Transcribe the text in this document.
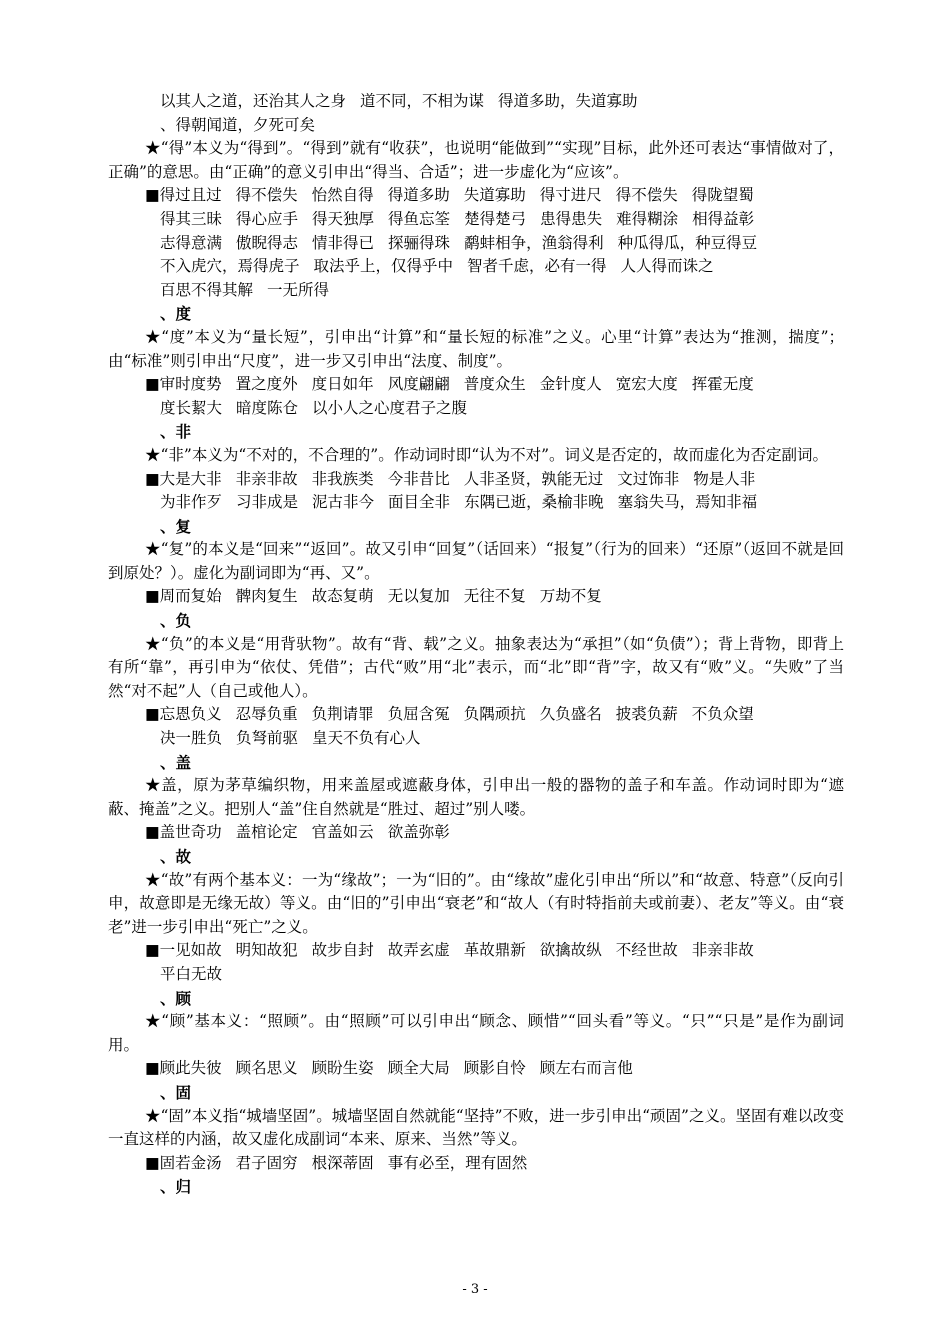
以其人之道，还治其人之身 道不同，不相为谋 得道多助，失道寡助
、得朝闻道，夕死可矣
★“得”本义为“得到”。“得到”就有“收获”，也说明“能做到”“实现”目标，此外还可表达“事情做对了，正确”的意思。由“正确”的意义引申出“得当、合适”；进一步虚化为“应该”。
■得过且过 得不偿失 怡然自得 得道多助 失道寡助 得寸进尺 得不偿失 得陇望蜀
得其三昧 得心应手 得天独厚 得鱼忘筌 楚得楚弓 患得患失 难得糊涂 相得益彰
志得意满 傲睨得志 情非得已 探骊得珠 鹬蚌相争，渔翁得利 种瓜得瓜，种豆得豆
不入虎穴，焉得虎子 取法乎上，仅得乎中 智者千虑，必有一得 人人得而诛之
百思不得其解 一无所得
、度
★“度”本义为“量长短”，引申出“计算”和“量长短的标准”之义。心里“计算”表达为“推测，揣度”；由“标准”则引申出“尺度”，进一步又引申出“法度、制度”。
■审时度势 置之度外 度日如年 风度翩翩 普度众生 金针度人 宽宏大度 挥霍无度
度长絜大 暗度陈仓 以小人之心度君子之腹
、非
★“非”本义为“不对的，不合理的”。作动词时即“认为不对”。词义是否定的，故而虚化为否定副词。
■大是大非 非亲非故 非我族类 今非昔比 人非圣贤，孰能无过 文过饰非 物是人非
为非作歹 习非成是 泥古非今 面目全非 东隅已逝，桑榆非晚 塞翁失马，焉知非福
、复
★“复”的本义是“回来”“返回”。故又引申“回复”（话回来）“报复”（行为的回来）“还原”（返回不就是回到原处？）。虚化为副词即为“再、又”。
■周而复始 髀肉复生 故态复萌 无以复加 无往不复 万劫不复
、负
★“负”的本义是“用背驮物”。故有“背、载”之义。抽象表达为“承担”（如“负债”）；背上背物，即背上有所“靠”，再引申为“依仗、凭借”；古代“败”用“北”表示，而“北”即“背”字，故又有“败”义。“失败”了当然“对不起”人（自己或他人）。
■忘恩负义 忍辱负重 负荆请罪 负屈含冤 负隅顽抗 久负盛名 披裘负薪 不负众望
决一胜负 负弩前驱 皇天不负有心人
、盖
★盖，原为茅草编织物，用来盖屋或遮蔽身体，引申出一般的器物的盖子和车盖。作动词时即为“遮蔽、掩盖”之义。把别人“盖”住自然就是“胜过、超过”别人喽。
■盖世奇功 盖棺论定 官盖如云 欲盖弥彰
、故
★“故”有两个基本义：一为“缘故”；一为“旧的”。由“缘故”虚化引申出“所以”和“故意、特意”（反向引申，故意即是无缘无故）等义。由“旧的”引申出“衰老”和“故人（有时特指前夫或前妻）、老友”等义。由“衰老”进一步引申出“死亡”之义。
■一见如故 明知故犯 故步自封 故弄玄虚 革故鼎新 欲擒故纵 不经世故 非亲非故
平白无故
、顾
★“顾”基本义：“照顾”。由“照顾”可以引申出“顾念、顾惜”“回头看”等义。“只”“只是”是作为副词用。
■顾此失彼 顾名思义 顾盼生姿 顾全大局 顾影自怜 顾左右而言他
、固
★“固”本义指“城墙坚固”。城墙坚固自然就能“坚持”不败，进一步引申出“顽固”之义。坚固有难以改变一直这样的内涵，故又虚化成副词“本来、原来、当然”等义。
■固若金汤 君子固穷 根深蒂固 事有必至，理有固然
、归
- 3 -
